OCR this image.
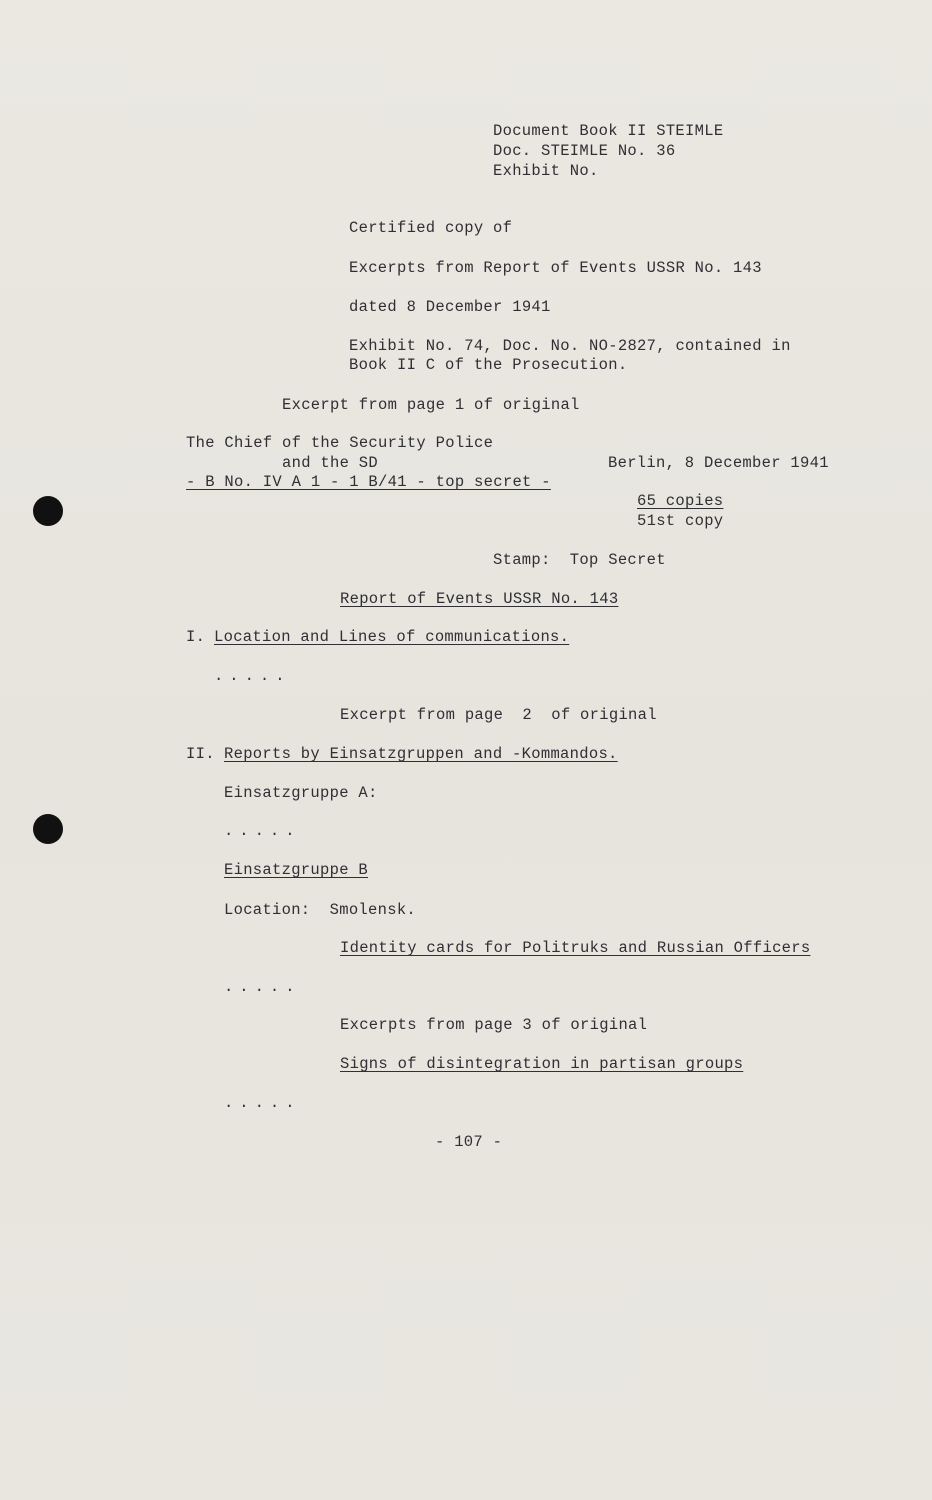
Document Book II STEIMLE
Doc. STEIMLE No. 36
Exhibit No.
Certified copy of
Excerpts from Report of Events USSR No. 143
dated 8 December 1941
Exhibit No. 74, Doc. No. NO-2827, contained in
Book II C of the Prosecution.
Excerpt from page 1 of original
The Chief of the Security Police
and the SD
- B No. IV A 1 - 1 B/41 - top secret -
Berlin, 8 December 1941
65 copies
51st copy
Stamp:  Top Secret
Report of Events USSR No. 143
I. Location and Lines of communications.
.....
Excerpt from page  2  of original
II. Reports by Einsatzgruppen and -Kommandos.
Einsatzgruppe A:
.....
Einsatzgruppe B
Location:  Smolensk.
Identity cards for Politruks and Russian Officers
.....
Excerpts from page 3 of original
Signs of disintegration in partisan groups
.....
- 107 -
